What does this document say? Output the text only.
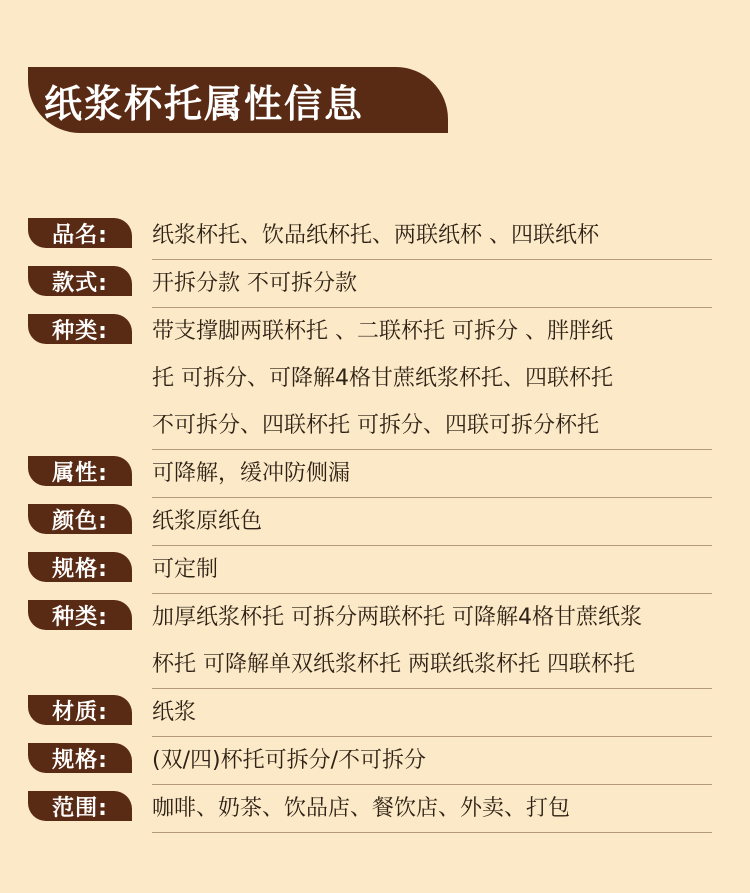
纸浆杯托属性信息
品名:	纸浆杯托、饮品纸杯托、两联纸杯 、四联纸杯
款式:	开拆分款 不可拆分款
种类:	带支撑脚两联杯托 、二联杯托 可拆分 、胖胖纸
托 可拆分、可降解4格甘蔗纸浆杯托、四联杯托
不可拆分、四联杯托 可拆分、四联可拆分杯托
属性:	可降解，缓冲防侧漏
颜色:	纸浆原纸色
规格:	可定制
种类:	加厚纸浆杯托 可拆分两联杯托 可降解4格甘蔗纸浆
杯托 可降解单双纸浆杯托 两联纸浆杯托 四联杯托
材质:	纸浆
规格:	(双/四)杯托可拆分/不可拆分
范围:	咖啡、奶茶、饮品店、餐饮店、外卖、打包
